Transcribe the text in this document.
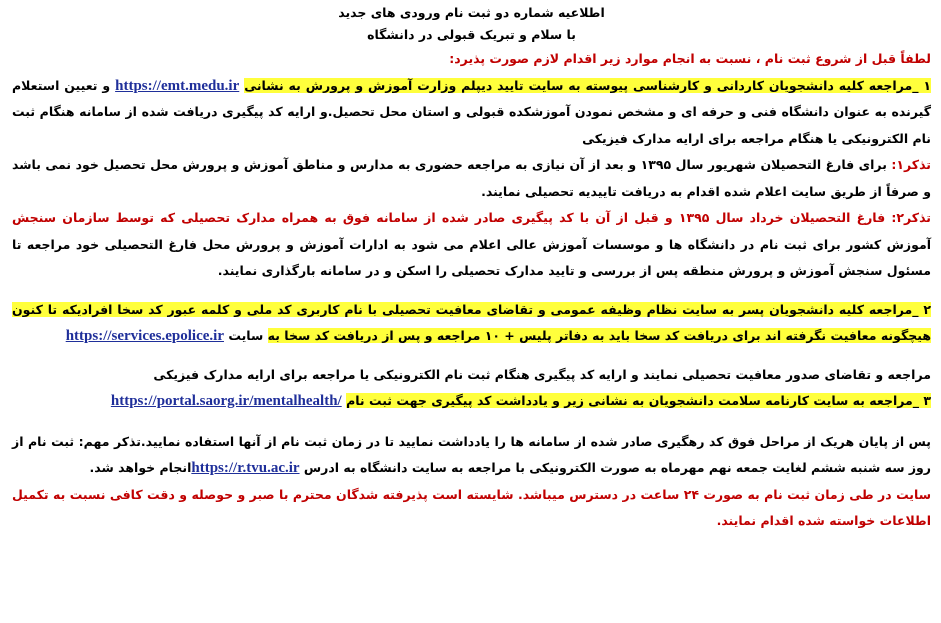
اطلاعیه شماره دو ثبت نام ورودی های جدید

با سلام و تبریک قبولی در دانشگاه

لطفاً قبل از شروع ثبت نام ، نسبت به انجام موارد زیر اقدام لازم صورت پذیرد:

۱ _مراجعه کلیه دانشجویان کاردانی و کارشناسی پیوسته به سایت تایید دیپلم وزارت آموزش و پرورش به نشانی https://emt.medu.ir و تعیین استعلام گیرنده به عنوان دانشگاه فنی و حرفه ای و مشخص نمودن آموزشکده قبولی و استان محل تحصیل.و ارایه کد پیگیری دریافت شده از سامانه هنگام ثبت نام الکترونیکی یا هنگام مراجعه برای ارایه مدارک فیزیکی

تذکر۱: برای فارغ التحصیلان شهریور سال ۱۳۹۵ و بعد از آن نیازی به مراجعه حضوری به مدارس و مناطق آموزش و پرورش محل تحصیل خود نمی باشد و صرفاً از طریق سایت اعلام شده اقدام به دریافت تاییدیه تحصیلی نمایند.

تذکر۲: فارغ التحصیلان خرداد سال ۱۳۹۵ و قبل از آن با کد پیگیری صادر شده از سامانه فوق به همراه مدارک تحصیلی که توسط سازمان سنجش آموزش کشور برای ثبت نام در دانشگاه ها و موسسات آموزش عالی اعلام می شود به ادارات آموزش و پرورش محل فارغ التحصیلی خود مراجعه تا مسئول سنجش آموزش و پرورش منطقه پس از بررسی و تایید مدارک تحصیلی را اسکن و در سامانه بارگذاری نمایند.

۲ _مراجعه کلیه دانشجویان پسر به سایت نظام وظیفه عمومی و تقاضای معافیت تحصیلی با نام کاربری کد ملی و کلمه عبور کد سخا افرادیکه تا کنون هیچگونه معافیت نگرفته اند برای دریافت کد سخا باید به دفاتر پلیس + ۱۰ مراجعه و پس از دریافت کد سخا به سایت https://services.epolice.ir

مراجعه و تقاضای صدور معافیت تحصیلی نمایند و ارایه کد پیگیری هنگام ثبت نام الکترونیکی یا مراجعه برای ارایه مدارک فیزیکی

۳ _مراجعه به سایت کارنامه سلامت دانشجویان به نشانی زیر و یادداشت کد پیگیری جهت ثبت نام https://portal.saorg.ir/mentalhealth/

پس از پایان هریک از مراحل فوق کد رهگیری صادر شده از سامانه ها را یادداشت نمایید تا در زمان ثبت نام از آنها استفاده نمایید.تذکر مهم: ثبت نام از روز سه شنبه ششم لغایت جمعه نهم مهرماه به صورت الکترونیکی با مراجعه به سایت دانشگاه به ادرس https://r.tvu.ac.irانجام خواهد شد.

سایت در طی زمان ثبت نام به صورت ۲۴ ساعت در دسترس میباشد. شایسته است پذیرفته شدگان محترم با صبر و حوصله و دقت کافی نسبت به تکمیل اطلاعات خواسته شده اقدام نمایند.
